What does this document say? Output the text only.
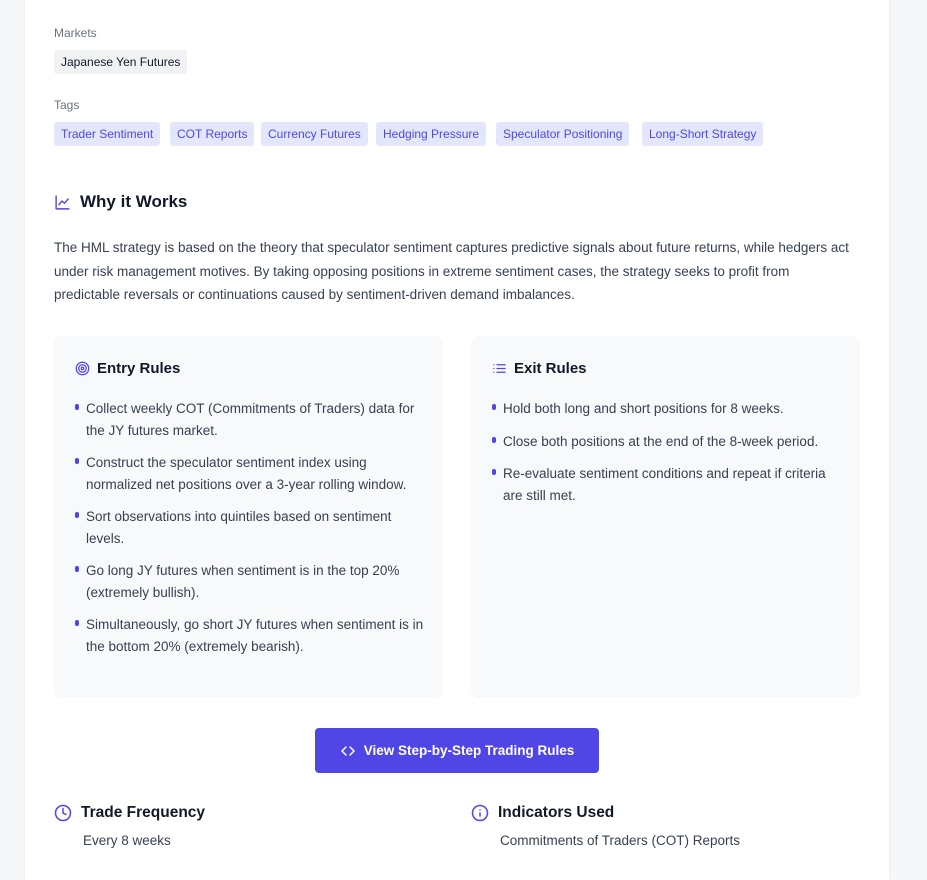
Markets
Japanese Yen Futures
Tags
Trader Sentiment	COT Reports	Currency Futures	Hedging Pressure	Speculator Positioning	Long-Short Strategy
Why it Works
The HML strategy is based on the theory that speculator sentiment captures predictive signals about future returns, while hedgers act under risk management motives. By taking opposing positions in extreme sentiment cases, the strategy seeks to profit from predictable reversals or continuations caused by sentiment-driven demand imbalances.
Entry Rules
Collect weekly COT (Commitments of Traders) data for the JY futures market.
Construct the speculator sentiment index using normalized net positions over a 3-year rolling window.
Sort observations into quintiles based on sentiment levels.
Go long JY futures when sentiment is in the top 20% (extremely bullish).
Simultaneously, go short JY futures when sentiment is in the bottom 20% (extremely bearish).
Exit Rules
Hold both long and short positions for 8 weeks.
Close both positions at the end of the 8-week period.
Re-evaluate sentiment conditions and repeat if criteria are still met.
View Step-by-Step Trading Rules
Trade Frequency
Every 8 weeks
Indicators Used
Commitments of Traders (COT) Reports
